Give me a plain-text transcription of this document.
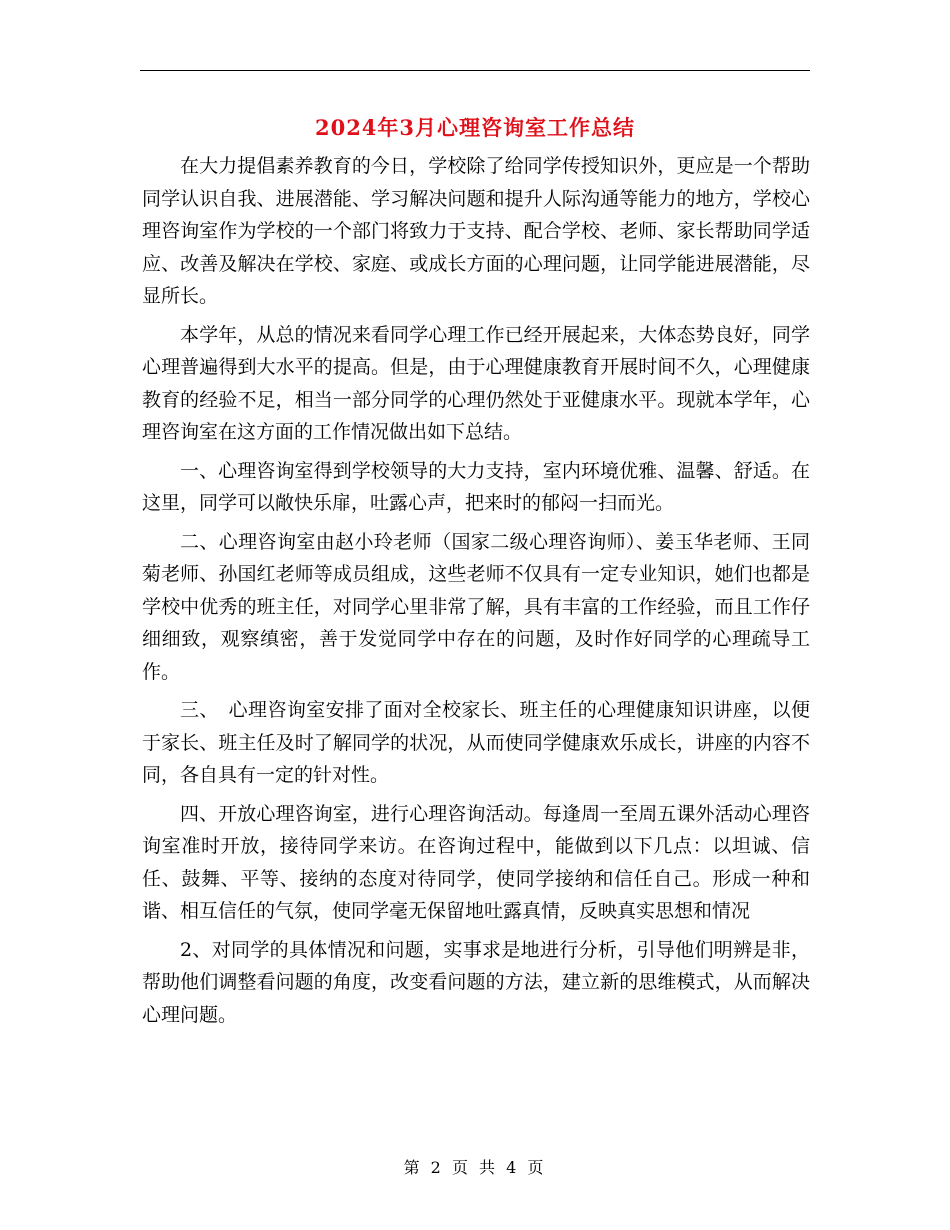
2024年3月心理咨询室工作总结

在大力提倡素养教育的今日，学校除了给同学传授知识外，更应是一个帮助同学认识自我、进展潜能、学习解决问题和提升人际沟通等能力的地方，学校心理咨询室作为学校的一个部门将致力于支持、配合学校、老师、家长帮助同学适应、改善及解决在学校、家庭、或成长方面的心理问题，让同学能进展潜能，尽显所长。

本学年，从总的情况来看同学心理工作已经开展起来，大体态势良好，同学心理普遍得到大水平的提高。但是，由于心理健康教育开展时间不久，心理健康教育的经验不足，相当一部分同学的心理仍然处于亚健康水平。现就本学年，心理咨询室在这方面的工作情况做出如下总结。

一、心理咨询室得到学校领导的大力支持，室内环境优雅、温馨、舒适。在这里，同学可以敞快乐扉，吐露心声，把来时的郁闷一扫而光。

二、心理咨询室由赵小玲老师（国家二级心理咨询师）、姜玉华老师、王同菊老师、孙国红老师等成员组成，这些老师不仅具有一定专业知识，她们也都是学校中优秀的班主任，对同学心里非常了解，具有丰富的工作经验，而且工作仔细细致，观察缜密，善于发觉同学中存在的问题，及时作好同学的心理疏导工作。

三、　心理咨询室安排了面对全校家长、班主任的心理健康知识讲座，以便于家长、班主任及时了解同学的状况，从而使同学健康欢乐成长，讲座的内容不同，各自具有一定的针对性。

四、开放心理咨询室，进行心理咨询活动。每逢周一至周五课外活动心理咨询室准时开放，接待同学来访。在咨询过程中，能做到以下几点：以坦诚、信任、鼓舞、平等、接纳的态度对待同学，使同学接纳和信任自己。形成一种和谐、相互信任的气氛，使同学毫无保留地吐露真情，反映真实思想和情况

2、对同学的具体情况和问题，实事求是地进行分析，引导他们明辨是非，帮助他们调整看问题的角度，改变看问题的方法，建立新的思维模式，从而解决心理问题。

第 2 页 共 4 页
